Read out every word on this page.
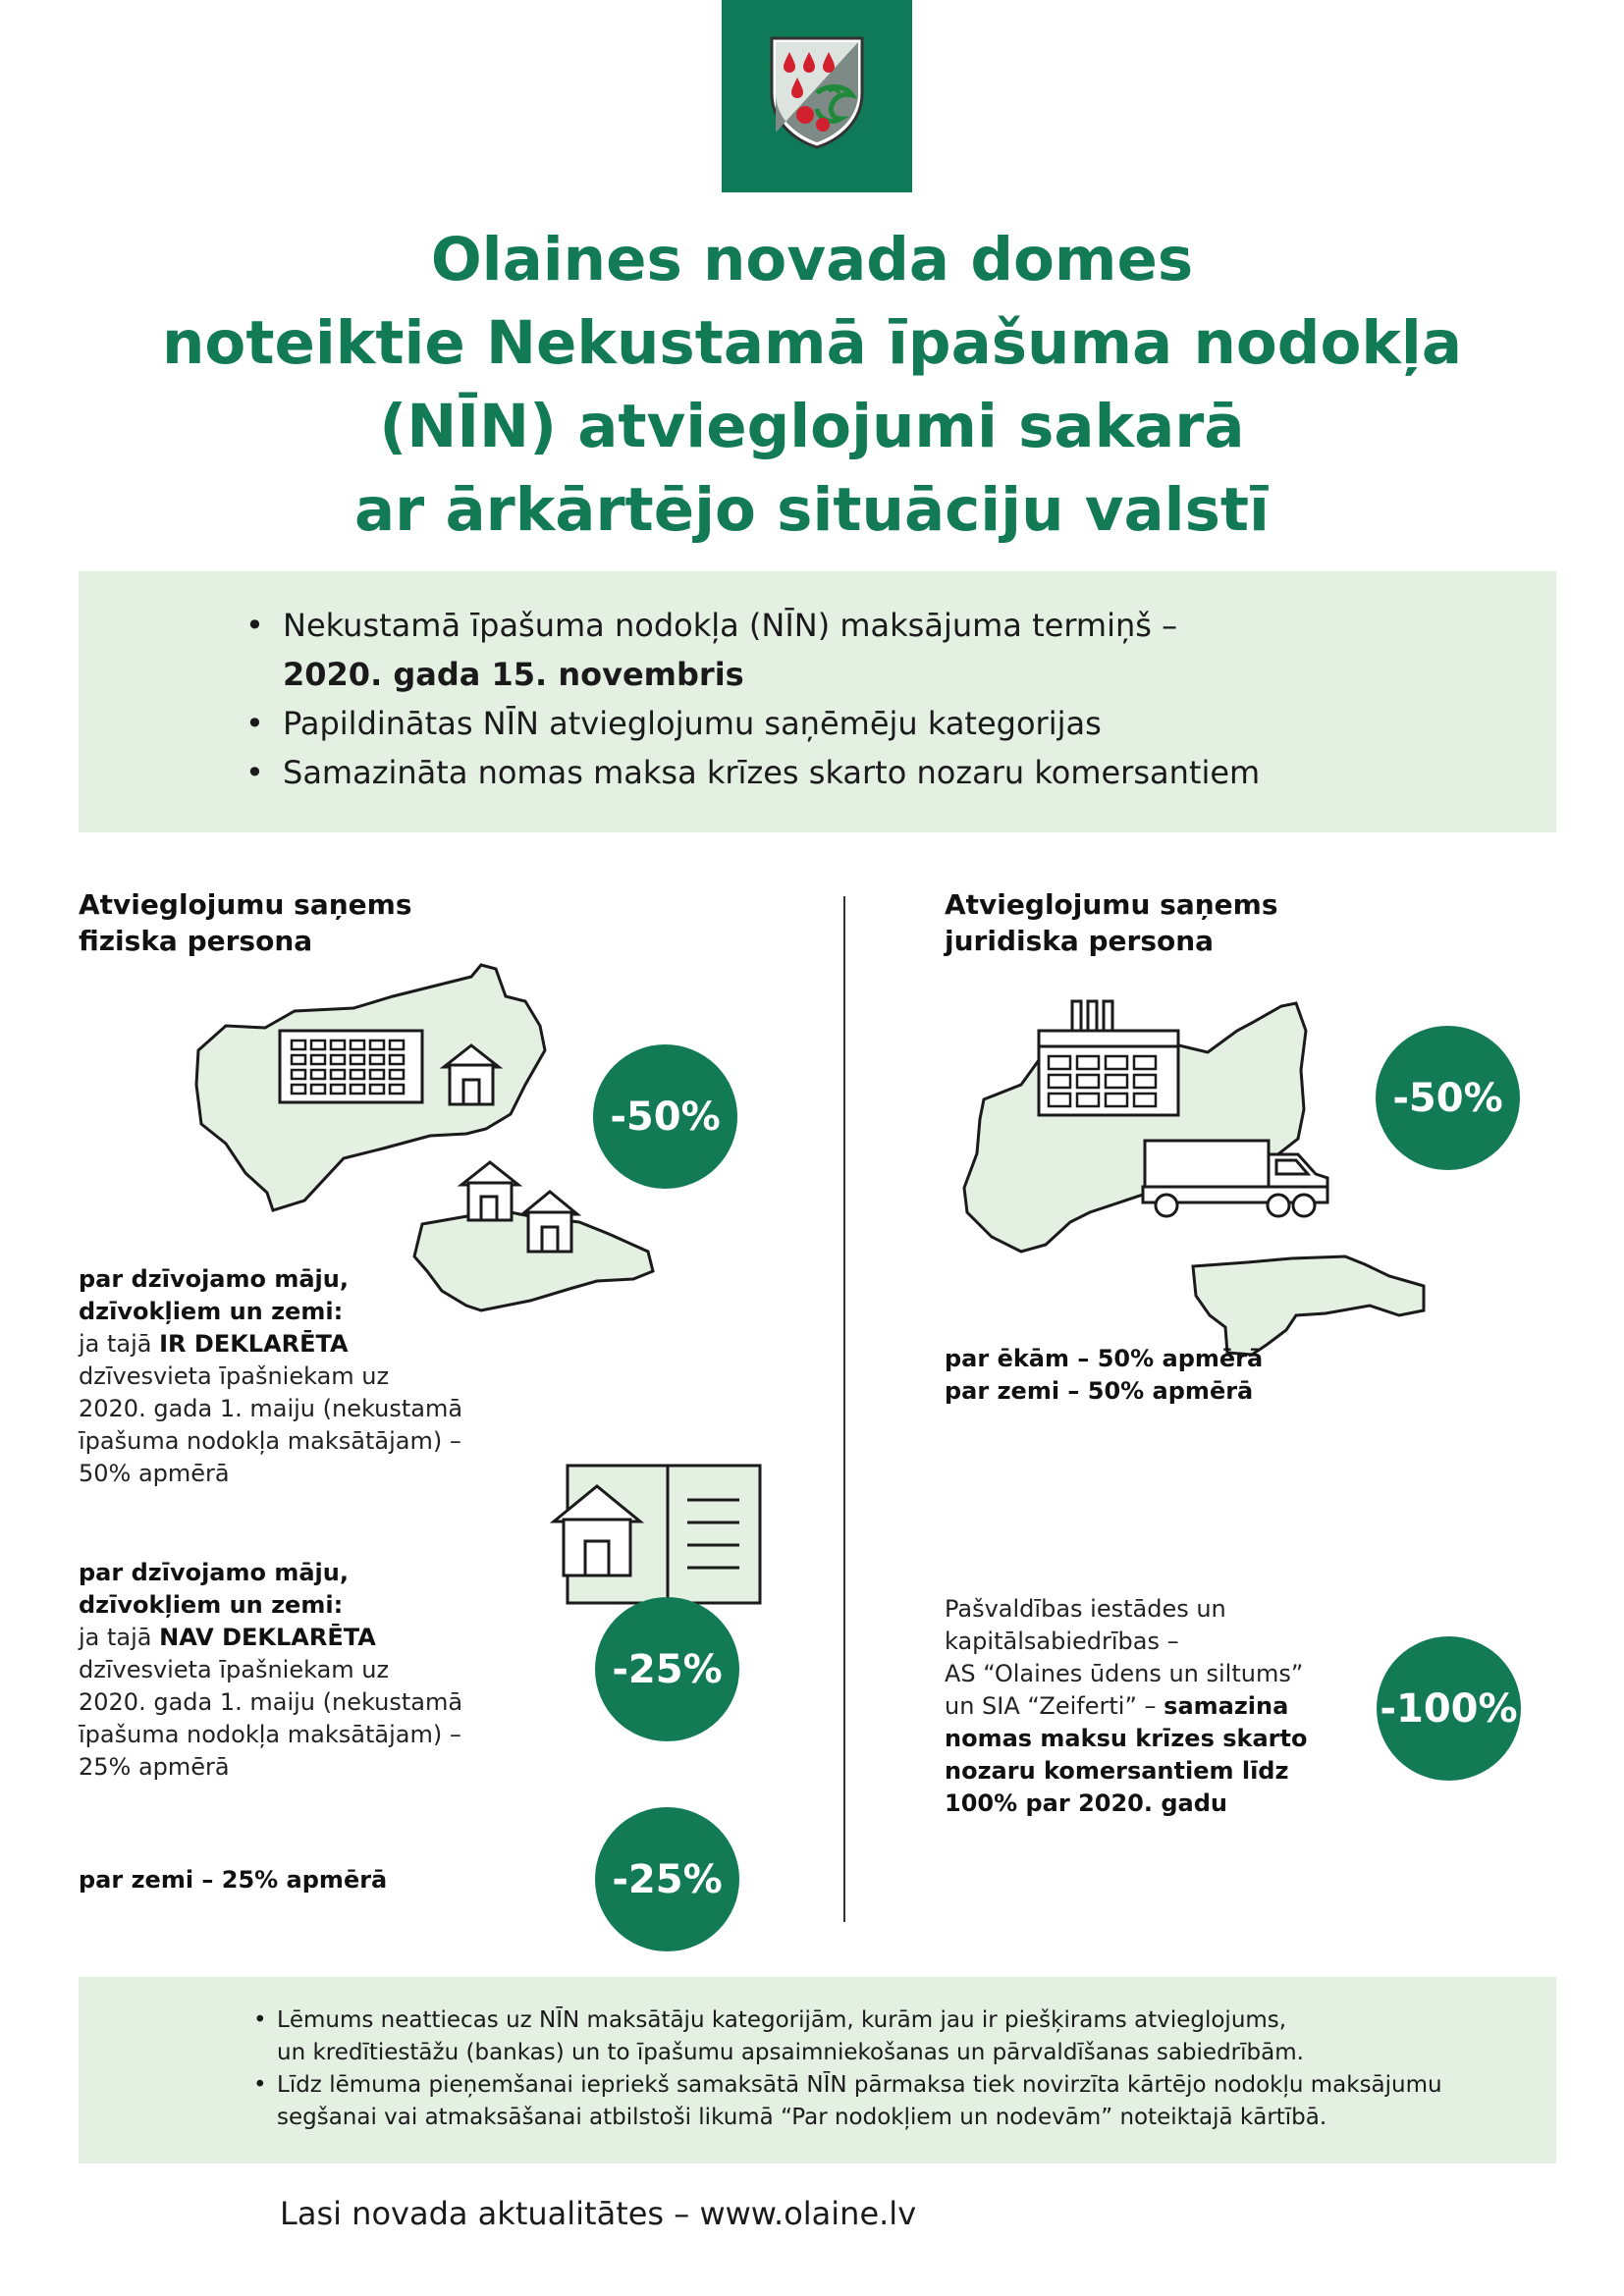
Olaines novada domes
noteiktie Nekustamā īpašuma nodokļa
(NĪN) atvieglojumi sakarā
ar ārkārtējo situāciju valstī
• Nekustamā īpašuma nodokļa (NĪN) maksājuma termiņš –
2020. gada 15. novembris
• Papildinātas NĪN atvieglojumu saņēmēju kategorijas
• Samazināta nomas maksa krīzes skarto nozaru komersantiem
Atvieglojumu saņems
fiziska persona
-50%
par dzīvojamo māju,
dzīvokļiem un zemi:
ja tajā IR DEKLARĒTA
dzīvesvieta īpašniekam uz
2020. gada 1. maiju (nekustamā
īpašuma nodokļa maksātājam) –
50% apmērā
par dzīvojamo māju,
dzīvokļiem un zemi:
ja tajā NAV DEKLARĒTA
dzīvesvieta īpašniekam uz
2020. gada 1. maiju (nekustamā
īpašuma nodokļa maksātājam) –
25% apmērā
-25%
par zemi – 25% apmērā	-25%
Atvieglojumu saņems
juridiska persona
-50%
par ēkām – 50% apmērā
par zemi – 50% apmērā
Pašvaldības iestādes un
kapitālsabiedrības –
AS “Olaines ūdens un siltums”
un SIA “Zeiferti” – samazina
nomas maksu krīzes skarto
nozaru komersantiem līdz
100% par 2020. gadu
-100%
• Lēmums neattiecas uz NĪN maksātāju kategorijām, kurām jau ir piešķirams atvieglojums,
un kredītiestāžu (bankas) un to īpašumu apsaimniekošanas un pārvaldīšanas sabiedrībām.
• Līdz lēmuma pieņemšanai iepriekš samaksātā NĪN pārmaksa tiek novirzīta kārtējo nodokļu maksājumu
segšanai vai atmaksāšanai atbilstoši likumā “Par nodokļiem un nodevām” noteiktajā kārtībā.
Lasi novada aktualitātes – www.olaine.lv
